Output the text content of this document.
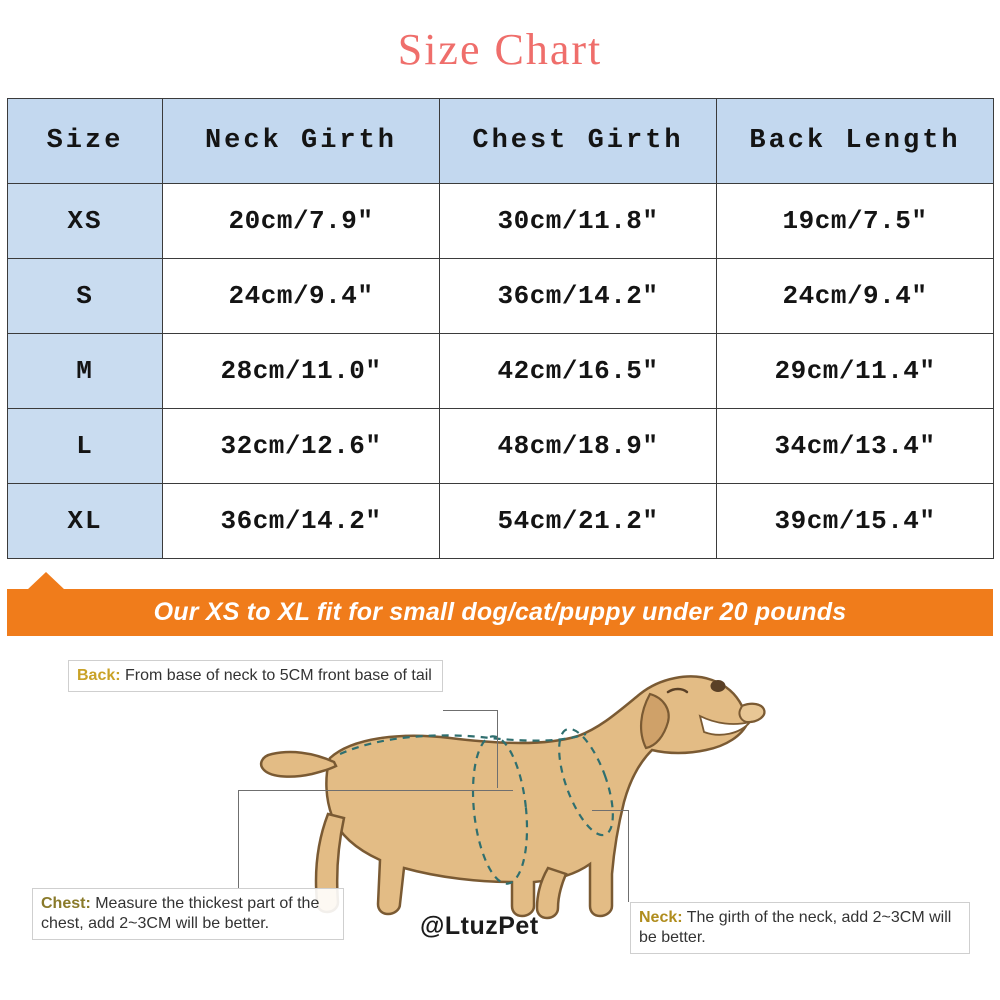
Size Chart
Size	Neck Girth	Chest Girth	Back Length
XS	20cm/7.9″	30cm/11.8″	19cm/7.5″
S	24cm/9.4″	36cm/14.2″	24cm/9.4″
M	28cm/11.0″	42cm/16.5″	29cm/11.4″
L	32cm/12.6″	48cm/18.9″	34cm/13.4″
XL	36cm/14.2″	54cm/21.2″	39cm/15.4″
Our XS to XL fit for small dog/cat/puppy under 20 pounds
Back: From base of neck to 5CM front base of tail
Chest: Measure the thickest part of the chest, add 2~3CM will be better.	Neck: The girth of the neck, add 2~3CM will be better.
@LtuzPet
